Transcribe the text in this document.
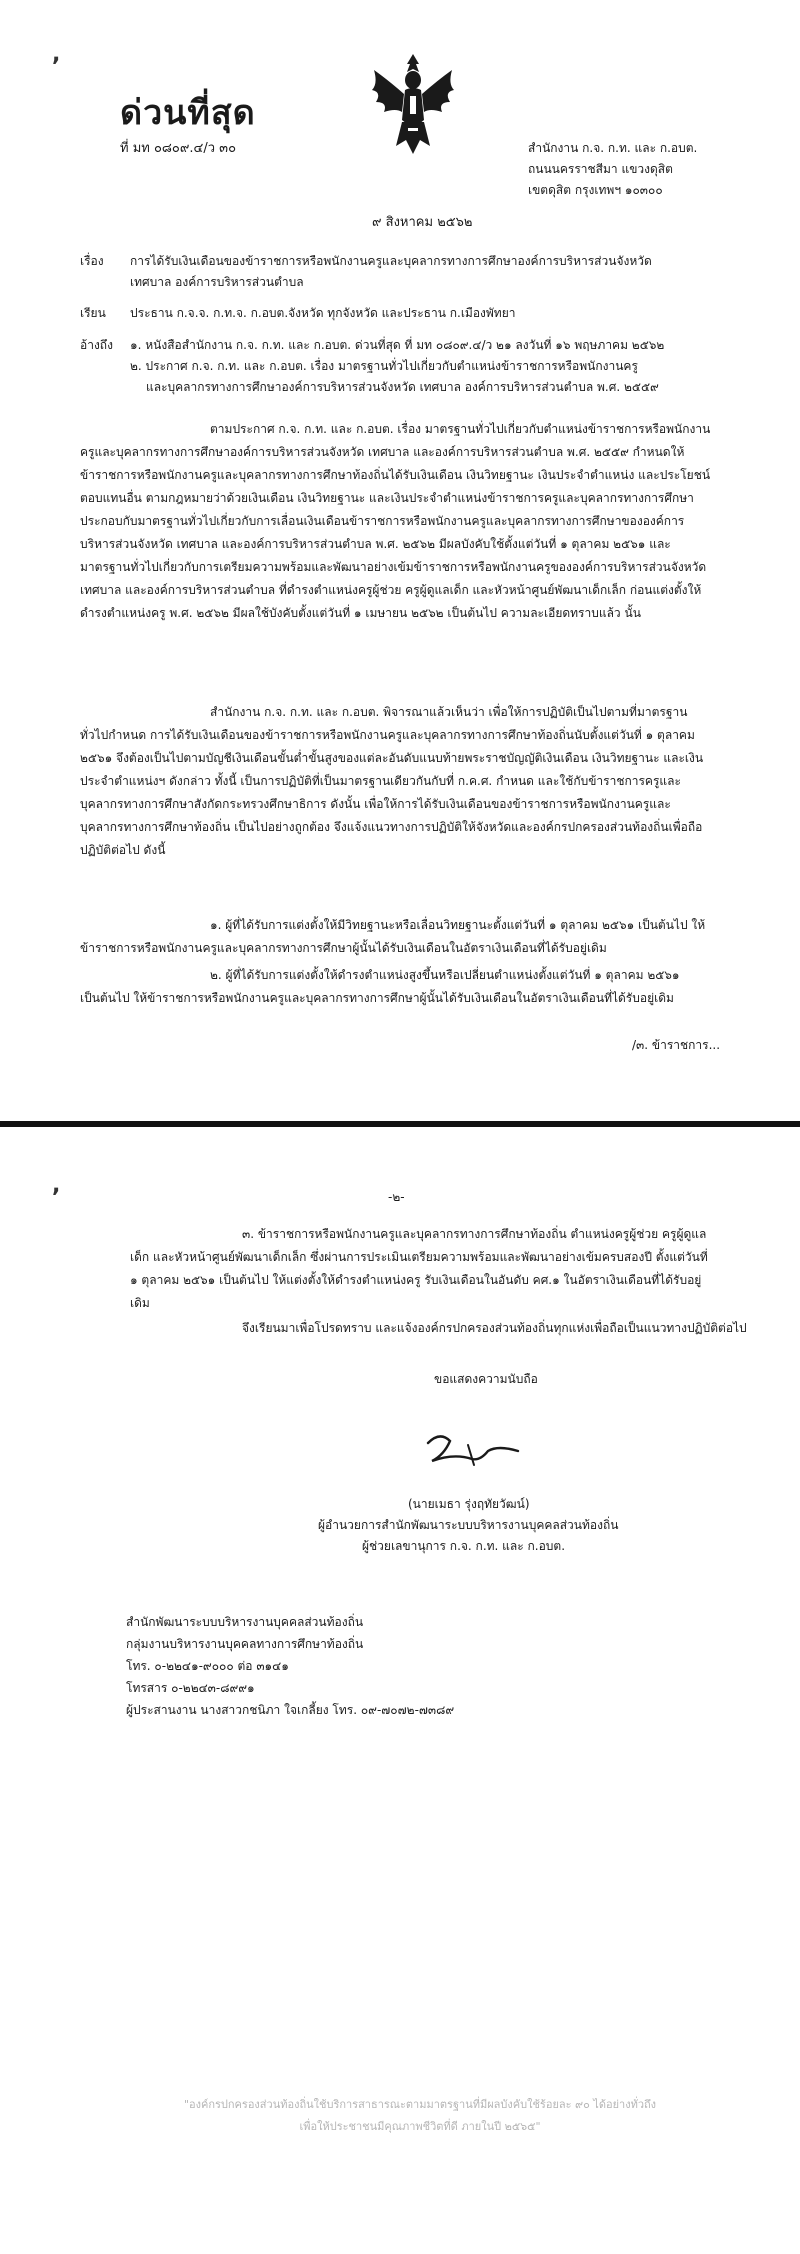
,
ด่วนที่สุด
ที่ มท ๐๘๐๙.๔/ว ๓๐	สำนักงาน ก.จ. ก.ท. และ ก.อบต.
ถนนนครราชสีมา แขวงดุสิต
เขตดุสิต กรุงเทพฯ ๑๐๓๐๐
๙ สิงหาคม ๒๕๖๒
เรื่อง การได้รับเงินเดือนของข้าราชการหรือพนักงานครูและบุคลากรทางการศึกษาองค์การบริหารส่วนจังหวัด
เทศบาล องค์การบริหารส่วนตำบล
เรียน ประธาน ก.จ.จ. ก.ท.จ. ก.อบต.จังหวัด ทุกจังหวัด และประธาน ก.เมืองพัทยา
อ้างถึง ๑. หนังสือสำนักงาน ก.จ. ก.ท. และ ก.อบต. ด่วนที่สุด ที่ มท ๐๘๐๙.๔/ว ๒๑ ลงวันที่ ๑๖ พฤษภาคม ๒๕๖๒
๒. ประกาศ ก.จ. ก.ท. และ ก.อบต. เรื่อง มาตรฐานทั่วไปเกี่ยวกับตำแหน่งข้าราชการหรือพนักงานครู
และบุคลากรทางการศึกษาองค์การบริหารส่วนจังหวัด เทศบาล องค์การบริหารส่วนตำบล พ.ศ. ๒๕๕๙
ตามประกาศ ก.จ. ก.ท. และ ก.อบต. เรื่อง มาตรฐานทั่วไปเกี่ยวกับตำแหน่งข้าราชการหรือพนักงานครูและบุคลากรทางการศึกษาองค์การบริหารส่วนจังหวัด เทศบาล และองค์การบริหารส่วนตำบล พ.ศ. ๒๕๕๙ กำหนดให้ข้าราชการหรือพนักงานครูและบุคลากรทางการศึกษาท้องถิ่นได้รับเงินเดือน เงินวิทยฐานะ เงินประจำตำแหน่ง และประโยชน์ตอบแทนอื่น ตามกฎหมายว่าด้วยเงินเดือน เงินวิทยฐานะ และเงินประจำตำแหน่งข้าราชการครูและบุคลากรทางการศึกษา ประกอบกับมาตรฐานทั่วไปเกี่ยวกับการเลื่อนเงินเดือนข้าราชการหรือพนักงานครูและบุคลากรทางการศึกษาขององค์การบริหารส่วนจังหวัด เทศบาล และองค์การบริหารส่วนตำบล พ.ศ. ๒๕๖๒ มีผลบังคับใช้ตั้งแต่วันที่ ๑ ตุลาคม ๒๕๖๑ และมาตรฐานทั่วไปเกี่ยวกับการเตรียมความพร้อมและพัฒนาอย่างเข้มข้าราชการหรือพนักงานครูขององค์การบริหารส่วนจังหวัด เทศบาล และองค์การบริหารส่วนตำบล ที่ดำรงตำแหน่งครูผู้ช่วย ครูผู้ดูแลเด็ก และหัวหน้าศูนย์พัฒนาเด็กเล็ก ก่อนแต่งตั้งให้ดำรงตำแหน่งครู พ.ศ. ๒๕๖๒ มีผลใช้บังคับตั้งแต่วันที่ ๑ เมษายน ๒๕๖๒ เป็นต้นไป ความละเอียดทราบแล้ว นั้น
สำนักงาน ก.จ. ก.ท. และ ก.อบต. พิจารณาแล้วเห็นว่า เพื่อให้การปฏิบัติเป็นไปตามที่มาตรฐานทั่วไปกำหนด การได้รับเงินเดือนของข้าราชการหรือพนักงานครูและบุคลากรทางการศึกษาท้องถิ่นนับตั้งแต่วันที่ ๑ ตุลาคม ๒๕๖๑ จึงต้องเป็นไปตามบัญชีเงินเดือนขั้นต่ำขั้นสูงของแต่ละอันดับแนบท้ายพระราชบัญญัติเงินเดือน เงินวิทยฐานะ และเงินประจำตำแหน่งฯ ดังกล่าว ทั้งนี้ เป็นการปฏิบัติที่เป็นมาตรฐานเดียวกันกับที่ ก.ค.ศ. กำหนด และใช้กับข้าราชการครูและบุคลากรทางการศึกษาสังกัดกระทรวงศึกษาธิการ ดังนั้น เพื่อให้การได้รับเงินเดือนของข้าราชการหรือพนักงานครูและบุคลากรทางการศึกษาท้องถิ่น เป็นไปอย่างถูกต้อง จึงแจ้งแนวทางการปฏิบัติให้จังหวัดและองค์กรปกครองส่วนท้องถิ่นเพื่อถือปฏิบัติต่อไป ดังนี้
๑. ผู้ที่ได้รับการแต่งตั้งให้มีวิทยฐานะหรือเลื่อนวิทยฐานะตั้งแต่วันที่ ๑ ตุลาคม ๒๕๖๑ เป็นต้นไป ให้ข้าราชการหรือพนักงานครูและบุคลากรทางการศึกษาผู้นั้นได้รับเงินเดือนในอัตราเงินเดือนที่ได้รับอยู่เดิม
๒. ผู้ที่ได้รับการแต่งตั้งให้ดำรงตำแหน่งสูงขึ้นหรือเปลี่ยนตำแหน่งตั้งแต่วันที่ ๑ ตุลาคม ๒๕๖๑ เป็นต้นไป ให้ข้าราชการหรือพนักงานครูและบุคลากรทางการศึกษาผู้นั้นได้รับเงินเดือนในอัตราเงินเดือนที่ได้รับอยู่เดิม
/๓. ข้าราชการ...
,	-๒-
๓. ข้าราชการหรือพนักงานครูและบุคลากรทางการศึกษาท้องถิ่น ตำแหน่งครูผู้ช่วย ครูผู้ดูแลเด็ก และหัวหน้าศูนย์พัฒนาเด็กเล็ก ซึ่งผ่านการประเมินเตรียมความพร้อมและพัฒนาอย่างเข้มครบสองปี ตั้งแต่วันที่ ๑ ตุลาคม ๒๕๖๑ เป็นต้นไป ให้แต่งตั้งให้ดำรงตำแหน่งครู รับเงินเดือนในอันดับ คศ.๑ ในอัตราเงินเดือนที่ได้รับอยู่เดิม
จึงเรียนมาเพื่อโปรดทราบ และแจ้งองค์กรปกครองส่วนท้องถิ่นทุกแห่งเพื่อถือเป็นแนวทางปฏิบัติต่อไป
ขอแสดงความนับถือ
(นายเมธา รุ่งฤทัยวัฒน์)
ผู้อำนวยการสำนักพัฒนาระบบบริหารงานบุคคลส่วนท้องถิ่น
ผู้ช่วยเลขานุการ ก.จ. ก.ท. และ ก.อบต.
สำนักพัฒนาระบบบริหารงานบุคคลส่วนท้องถิ่น
กลุ่มงานบริหารงานบุคคลทางการศึกษาท้องถิ่น
โทร. ๐-๒๒๔๑-๙๐๐๐ ต่อ ๓๑๔๑
โทรสาร ๐-๒๒๔๓-๘๙๙๑
ผู้ประสานงาน นางสาวกชนิภา ใจเกลี้ยง โทร. ๐๙-๗๐๗๒-๗๓๘๙
"องค์กรปกครองส่วนท้องถิ่นใช้บริการสาธารณะตามมาตรฐานที่มีผลบังคับใช้ร้อยละ ๙๐ ได้อย่างทั่วถึง
เพื่อให้ประชาชนมีคุณภาพชีวิตที่ดี ภายในปี ๒๕๖๕"
